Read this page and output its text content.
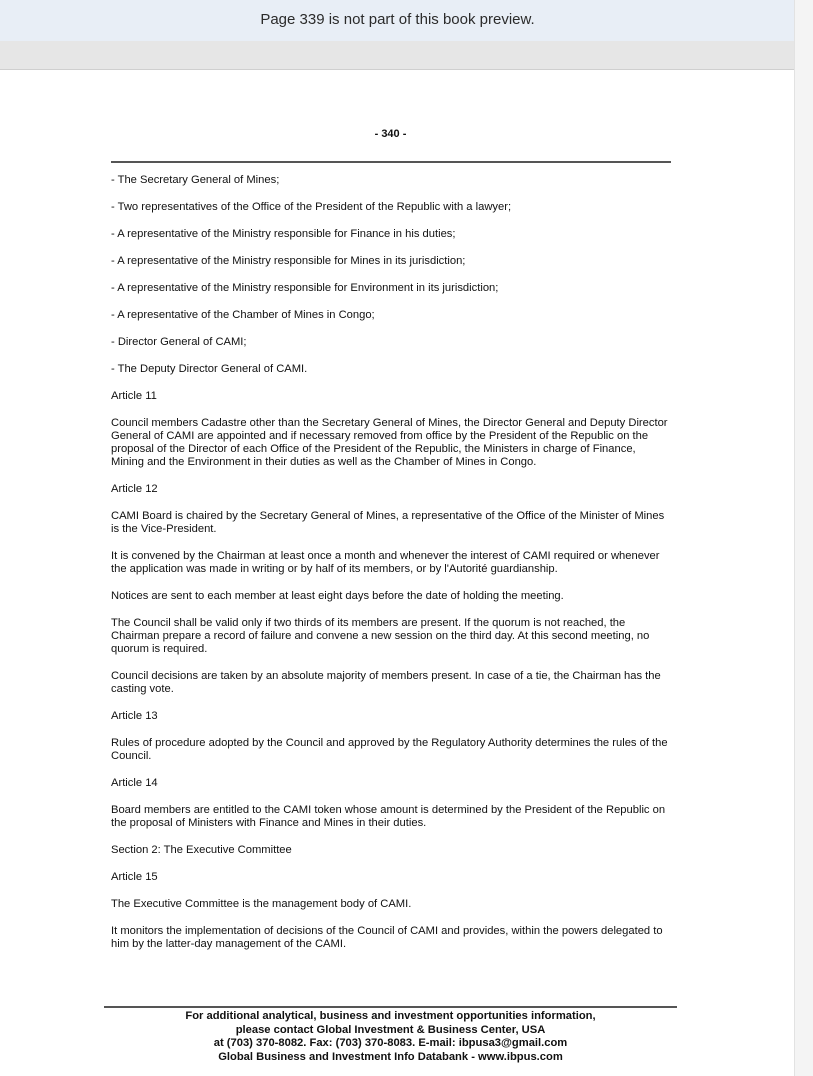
Page 339 is not part of this book preview.
- 340 -

- The Secretary General of Mines;

- Two representatives of the Office of the President of the Republic with a lawyer;

- A representative of the Ministry responsible for Finance in his duties;

- A representative of the Ministry responsible for Mines in its jurisdiction;

- A representative of the Ministry responsible for Environment in its jurisdiction;

- A representative of the Chamber of Mines in Congo;

- Director General of CAMI;

- The Deputy Director General of CAMI.

Article 11

Council members Cadastre other than the Secretary General of Mines, the Director General and Deputy Director General of CAMI are appointed and if necessary removed from office by the President of the Republic on the proposal of the Director of each Office of the President of the Republic, the Ministers in charge of Finance, Mining and the Environment in their duties as well as the Chamber of Mines in Congo.

Article 12

CAMI Board is chaired by the Secretary General of Mines, a representative of the Office of the Minister of Mines is the Vice-President.

It is convened by the Chairman at least once a month and whenever the interest of CAMI required or whenever the application was made in writing or by half of its members, or by l'Autorité guardianship.

Notices are sent to each member at least eight days before the date of holding the meeting.

The Council shall be valid only if two thirds of its members are present. If the quorum is not reached, the Chairman prepare a record of failure and convene a new session on the third day. At this second meeting, no quorum is required.

Council decisions are taken by an absolute majority of members present. In case of a tie, the Chairman has the casting vote.

Article 13

Rules of procedure adopted by the Council and approved by the Regulatory Authority determines the rules of the Council.

Article 14

Board members are entitled to the CAMI token whose amount is determined by the President of the Republic on the proposal of Ministers with Finance and Mines in their duties.

Section 2: The Executive Committee

Article 15

The Executive Committee is the management body of CAMI.

It monitors the implementation of decisions of the Council of CAMI and provides, within the powers delegated to him by the latter-day management of the CAMI.

For additional analytical, business and investment opportunities information,
please contact Global Investment & Business Center, USA
at (703) 370-8082. Fax: (703) 370-8083. E-mail: ibpusa3@gmail.com
Global Business and Investment Info Databank - www.ibpus.com
